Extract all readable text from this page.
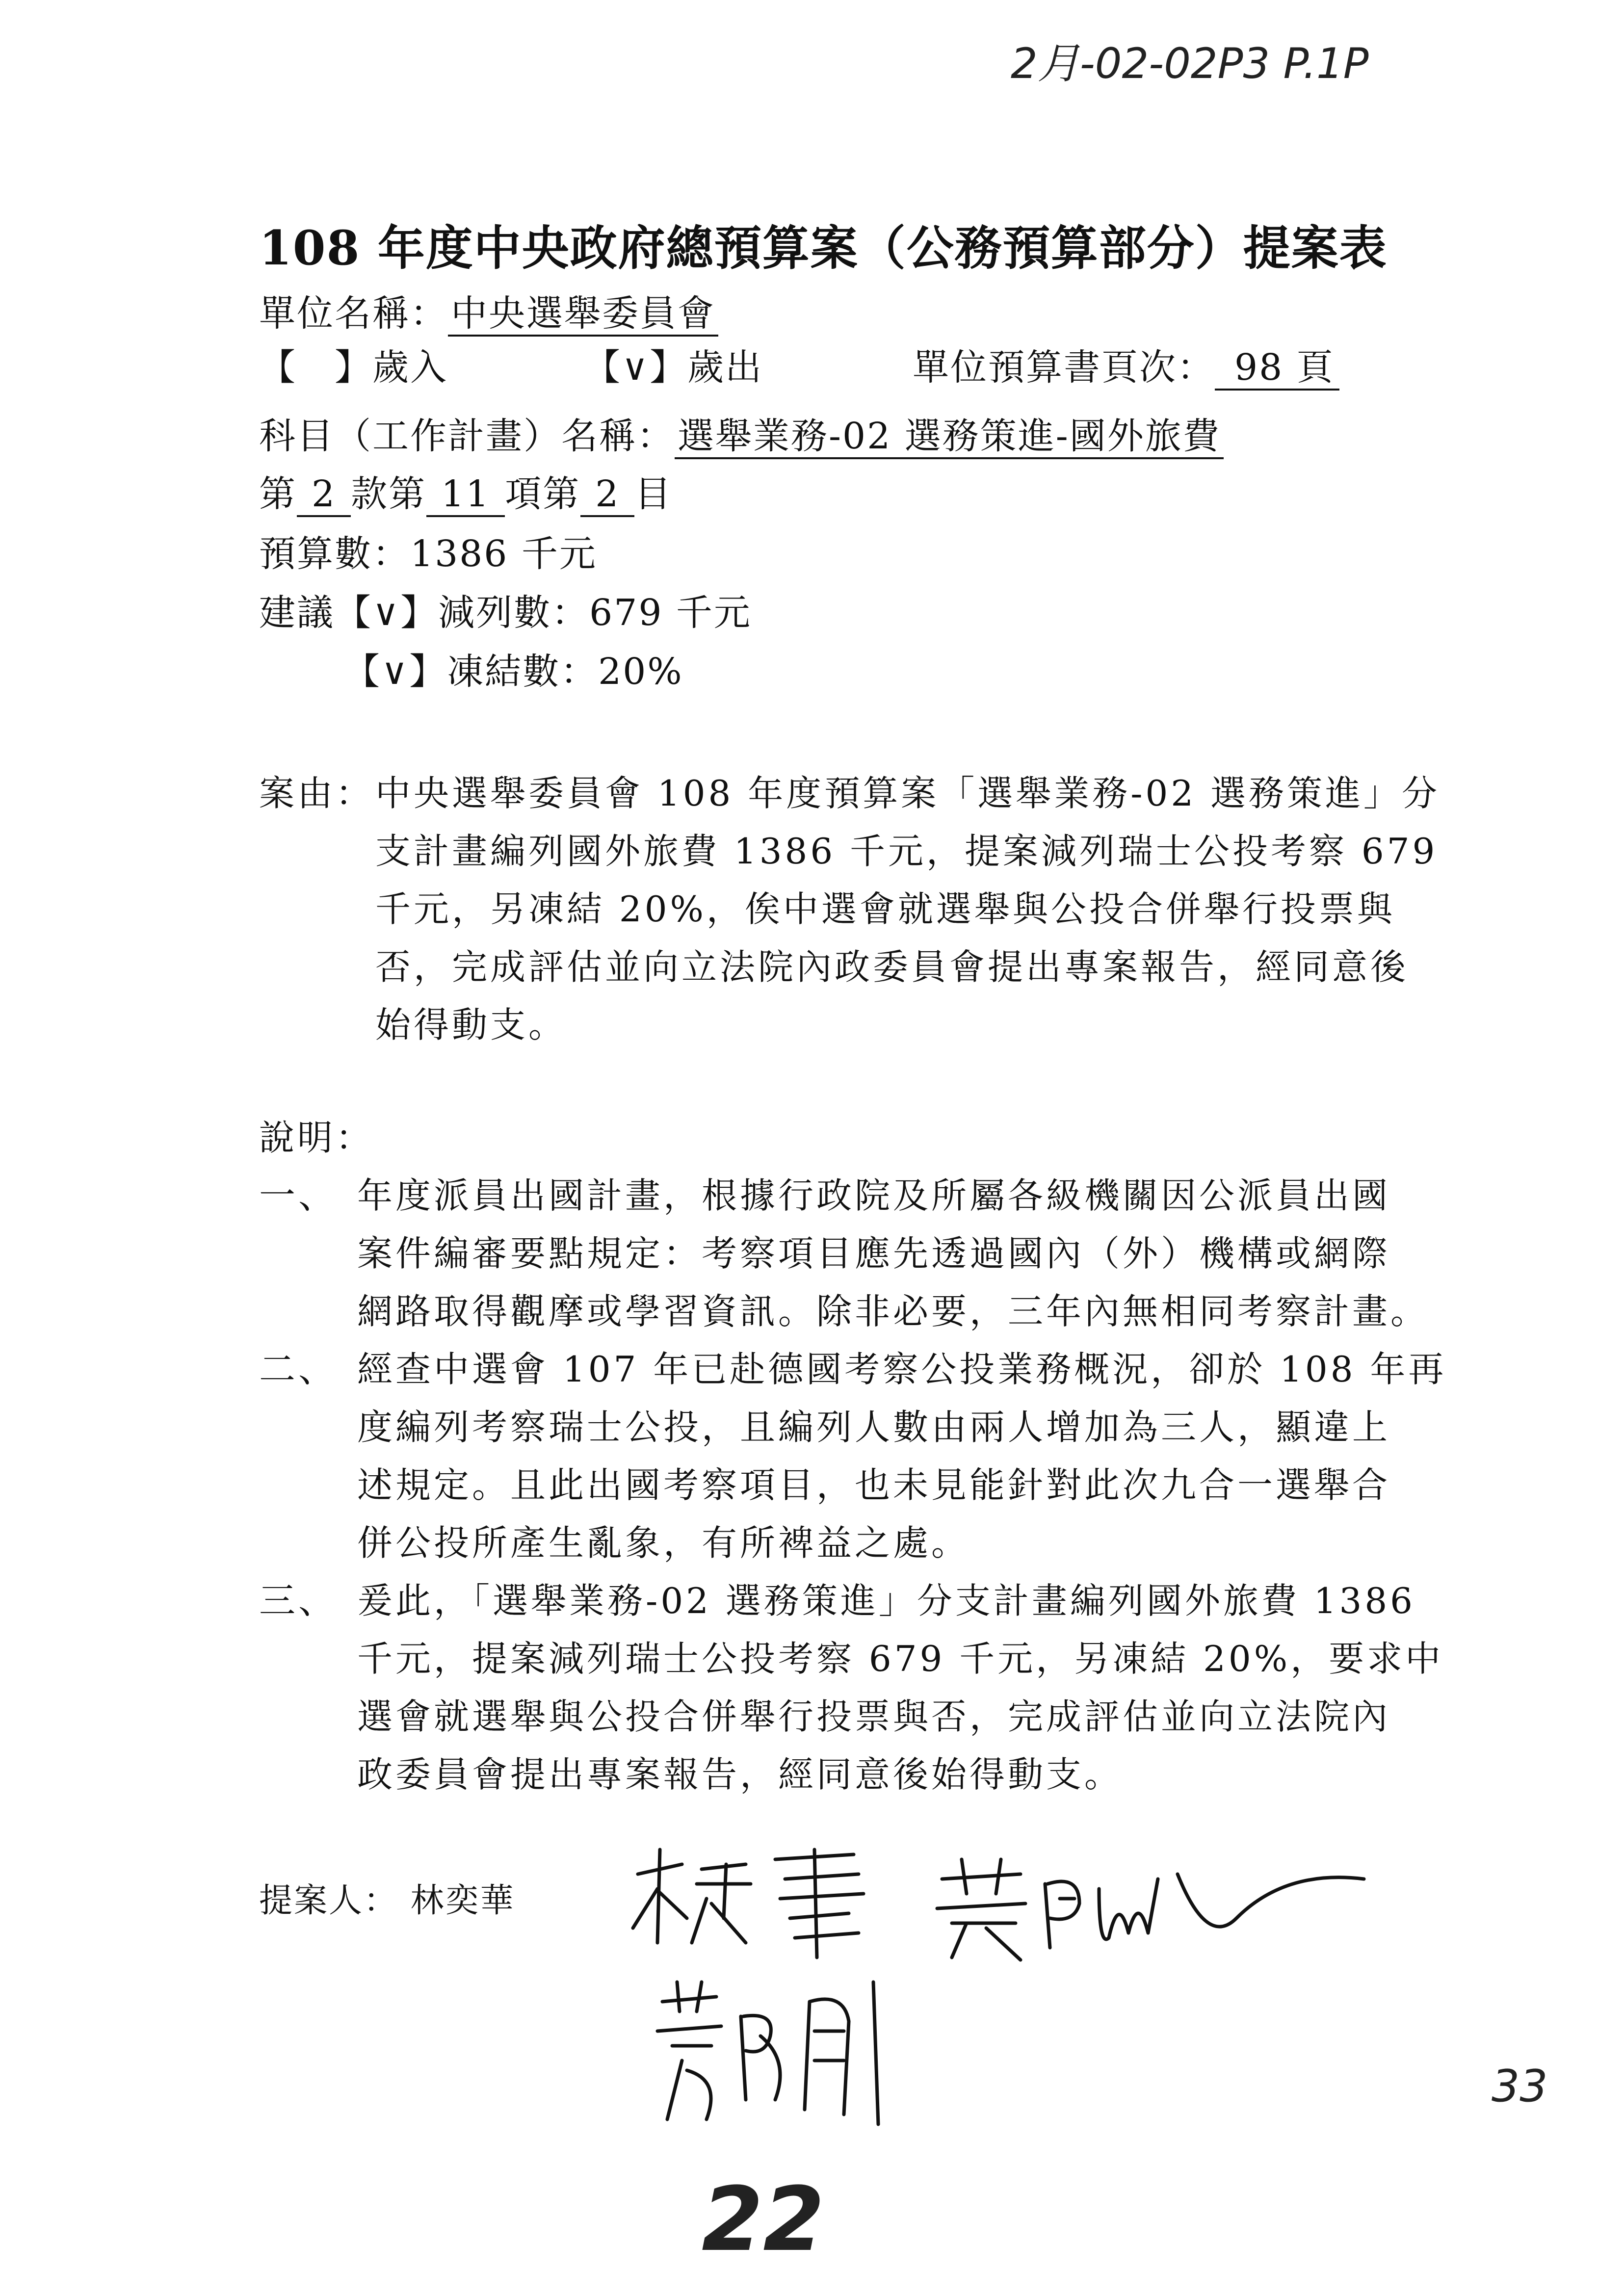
2月-02-02P3 P.1P
108 年度中央政府總預算案（公務預算部分）提案表
單位名稱：中央選舉委員會
【　】歲入	【∨】歲出	單位預算書頁次： 98 頁
科目（工作計畫）名稱：選舉業務-02 選務策進-國外旅費
第 2 款第 11 項第 2 目
預算數：1386 千元
建議【∨】減列數：679 千元
【∨】凍結數：20%
案由： 中央選舉委員會 108 年度預算案「選舉業務-02 選務策進」分
支計畫編列國外旅費 1386 千元，提案減列瑞士公投考察 679
千元，另凍結 20%，俟中選會就選舉與公投合併舉行投票與
否，完成評估並向立法院內政委員會提出專案報告，經同意後
始得動支。
說明：
一、 年度派員出國計畫，根據行政院及所屬各級機關因公派員出國
案件編審要點規定：考察項目應先透過國內（外）機構或網際
網路取得觀摩或學習資訊。除非必要，三年內無相同考察計畫。
二、 經查中選會 107 年已赴德國考察公投業務概況，卻於 108 年再
度編列考察瑞士公投，且編列人數由兩人增加為三人，顯違上
述規定。且此出國考察項目，也未見能針對此次九合一選舉合
併公投所產生亂象，有所裨益之處。
三、 爰此，「選舉業務-02 選務策進」分支計畫編列國外旅費 1386
千元，提案減列瑞士公投考察 679 千元，另凍結 20%，要求中
選會就選舉與公投合併舉行投票與否，完成評估並向立法院內
政委員會提出專案報告，經同意後始得動支。
提案人： 林奕華
22
33
